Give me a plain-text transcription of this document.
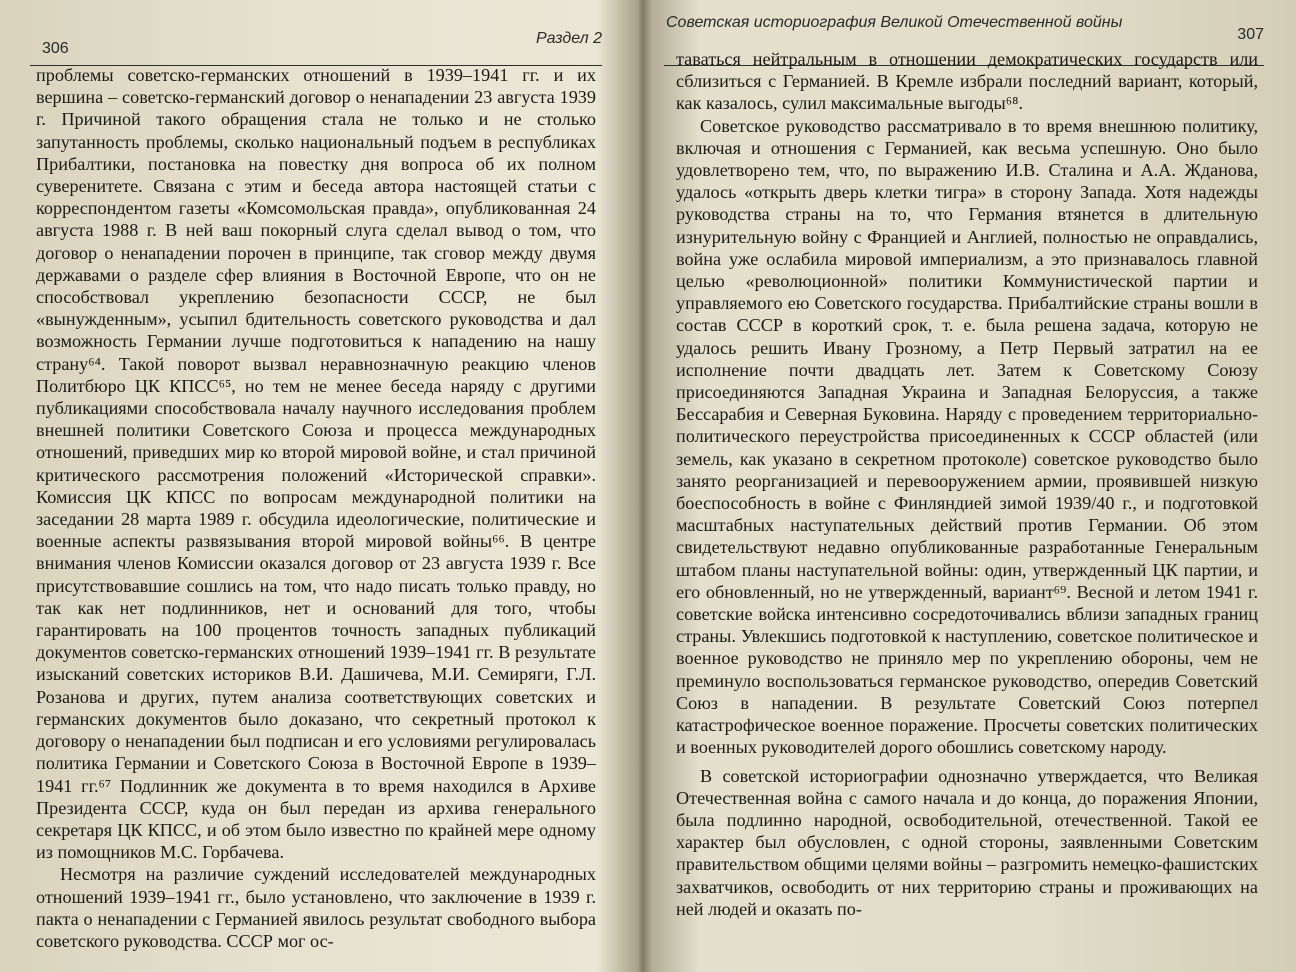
306
Раздел 2

проблемы советско-германских отношений в 1939–1941 гг. и их вершина – советско-германский договор о ненападении 23 августа 1939 г. Причиной такого обращения стала не только и не столько запутанность проблемы, сколько национальный подъем в республиках Прибалтики, постановка на повестку дня вопроса об их полном суверенитете. Связана с этим и беседа автора настоящей статьи с корреспондентом газеты «Комсомольская правда», опубликованная 24 августа 1988 г. В ней ваш покорный слуга сделал вывод о том, что договор о ненападении порочен в принципе, так сговор между двумя державами о разделе сфер влияния в Восточной Европе, что он не способствовал укреплению безопасности СССР, не был «вынужденным», усыпил бдительность советского руководства и дал возможность Германии лучше подготовиться к нападению на нашу страну⁶⁴. Такой поворот вызвал неравнозначную реакцию членов Политбюро ЦК КПСС⁶⁵, но тем не менее беседа наряду с другими публикациями способствовала началу научного исследования проблем внешней политики Советского Союза и процесса международных отношений, приведших мир ко второй мировой войне, и стал причиной критического рассмотрения положений «Исторической справки». Комиссия ЦК КПСС по вопросам международной политики на заседании 28 марта 1989 г. обсудила идеологические, политические и военные аспекты развязывания второй мировой войны⁶⁶. В центре внимания членов Комиссии оказался договор от 23 августа 1939 г. Все присутствовавшие сошлись на том, что надо писать только правду, но так как нет подлинников, нет и оснований для того, чтобы гарантировать на 100 процентов точность западных публикаций документов советско-германских отношений 1939–1941 гг. В результате изысканий советских историков В.И. Дашичева, М.И. Семиряги, Г.Л. Розанова и других, путем анализа соответствующих советских и германских документов было доказано, что секретный протокол к договору о ненападении был подписан и его условиями регулировалась политика Германии и Советского Союза в Восточной Европе в 1939–1941 гг.⁶⁷ Подлинник же документа в то время находился в Архиве Президента СССР, куда он был передан из архива генерального секретаря ЦК КПСС, и об этом было известно по крайней мере одному из помощников М.С. Горбачева.

Несмотря на различие суждений исследователей международных отношений 1939–1941 гг., было установлено, что заключение в 1939 г. пакта о ненападении с Германией явилось результат свободного выбора советского руководства. СССР мог ос-

Советская историография Великой Отечественной войны
307

таваться нейтральным в отношении демократических государств или сблизиться с Германией. В Кремле избрали последний вариант, который, как казалось, сулил максимальные выгоды⁶⁸.

Советское руководство рассматривало в то время внешнюю политику, включая и отношения с Германией, как весьма успешную. Оно было удовлетворено тем, что, по выражению И.В. Сталина и А.А. Жданова, удалось «открыть дверь клетки тигра» в сторону Запада. Хотя надежды руководства страны на то, что Германия втянется в длительную изнурительную войну с Францией и Англией, полностью не оправдались, война уже ослабила мировой империализм, а это признавалось главной целью «революционной» политики Коммунистической партии и управляемого ею Советского государства. Прибалтийские страны вошли в состав СССР в короткий срок, т. е. была решена задача, которую не удалось решить Ивану Грозному, а Петр Первый затратил на ее исполнение почти двадцать лет. Затем к Советскому Союзу присоединяются Западная Украина и Западная Белоруссия, а также Бессарабия и Северная Буковина. Наряду с проведением территориально-политического переустройства присоединенных к СССР областей (или земель, как указано в секретном протоколе) советское руководство было занято реорганизацией и перевооружением армии, проявившей низкую боеспособность в войне с Финляндией зимой 1939/40 г., и подготовкой масштабных наступательных действий против Германии. Об этом свидетельствуют недавно опубликованные разработанные Генеральным штабом планы наступательной войны: один, утвержденный ЦК партии, и его обновленный, но не утвержденный, вариант⁶⁹. Весной и летом 1941 г. советские войска интенсивно сосредоточивались вблизи западных границ страны. Увлекшись подготовкой к наступлению, советское политическое и военное руководство не приняло мер по укреплению обороны, чем не преминуло воспользоваться германское руководство, опередив Советский Союз в нападении. В результате Советский Союз потерпел катастрофическое военное поражение. Просчеты советских политических и военных руководителей дорого обошлись советскому народу.

В советской историографии однозначно утверждается, что Великая Отечественная война с самого начала и до конца, до поражения Японии, была подлинно народной, освободительной, отечественной. Такой ее характер был обусловлен, с одной стороны, заявленными Советским правительством общими целями войны – разгромить немецко-фашистских захватчиков, освободить от них территорию страны и проживающих на ней людей и оказать по-
